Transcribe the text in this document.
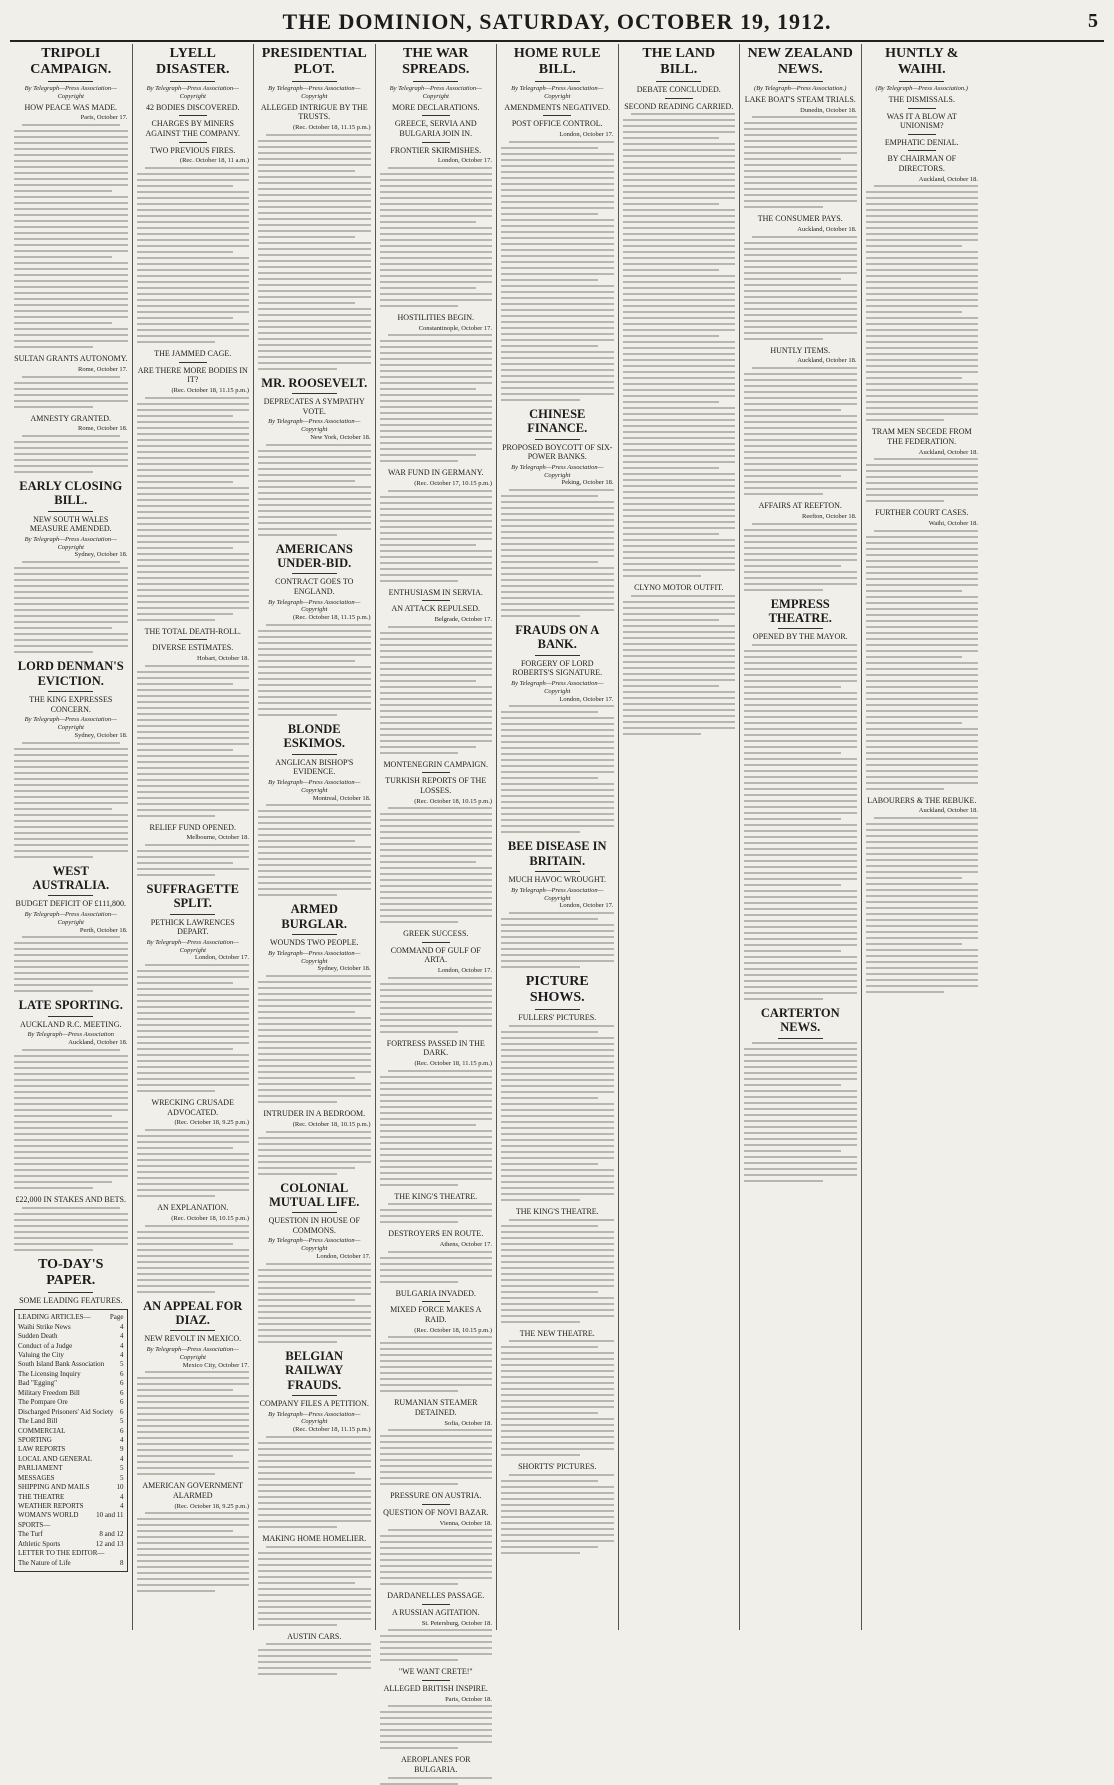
THE DOMINION, SATURDAY, OCTOBER 19, 1912.	5
TRIPOLI CAMPAIGN.
By Telegraph—Press Association—Copyright
HOW PEACE WAS MADE.
Paris, October 17.
SULTAN GRANTS AUTONOMY.
Rome, October 17.
AMNESTY GRANTED.
Rome, October 18.
EARLY CLOSING BILL.
NEW SOUTH WALES MEASURE AMENDED.
By Telegraph—Press Association—Copyright
Sydney, October 18.
LORD DENMAN'S EVICTION.
THE KING EXPRESSES CONCERN.
By Telegraph—Press Association—Copyright
Sydney, October 18.
WEST AUSTRALIA.
BUDGET DEFICIT OF £111,800.
By Telegraph—Press Association—Copyright
Perth, October 18.
LATE SPORTING.
AUCKLAND R.C. MEETING.
By Telegraph—Press Association
Auckland, October 18.
£22,000 IN STAKES AND BETS.
TO-DAY'S PAPER.
SOME LEADING FEATURES.
LEADING ARTICLES—	Page
Waihi Strike News	4
Sudden Death	4
Conduct of a Judge	4
Valuing the City	4
South Island Bank Association 5
The Licensing Inquiry	6
Bad "Egging"	6
Military Freedom Bill	6
The Pompare Ore	6
Discharged Prisoners' Aid Society 6
The Land Bill	5
COMMERCIAL	6
SPORTING	4
LAW REPORTS	9
LOCAL AND GENERAL	4
PARLIAMENT	5
MESSAGES	5
SHIPPING AND MAILS	10
THE THEATRE	4
WEATHER REPORTS	4
WOMAN'S WORLD	10 and 11
SPORTS—
The Turf	8 and 12
Athletic Sports	12 and 13
LETTER TO THE EDITOR—
The Nature of Life	8
LYELL DISASTER.
By Telegraph—Press Association—Copyright
42 BODIES DISCOVERED.
CHARGES BY MINERS AGAINST THE COMPANY.
TWO PREVIOUS FIRES.
(Rec. October 18, 11 a.m.)
THE JAMMED CAGE.
ARE THERE MORE BODIES IN IT?
(Rec. October 18, 11.15 p.m.)
THE TOTAL DEATH-ROLL.
DIVERSE ESTIMATES.
Hobart, October 18.
RELIEF FUND OPENED.
Melbourne, October 18.
SUFFRAGETTE SPLIT.
PETHICK LAWRENCES DEPART.
By Telegraph—Press Association—Copyright
London, October 17.
WRECKING CRUSADE ADVOCATED.
(Rec. October 18, 9.25 p.m.)
AN EXPLANATION.
(Rec. October 18, 10.15 p.m.)
AN APPEAL FOR DIAZ.
NEW REVOLT IN MEXICO.
By Telegraph—Press Association—Copyright
Mexico City, October 17.
AMERICAN GOVERNMENT ALARMED
(Rec. October 18, 9.25 p.m.)
PRESIDENTIAL PLOT.
By Telegraph—Press Association—Copyright
ALLEGED INTRIGUE BY THE TRUSTS.
(Rec. October 18, 11.15 p.m.)
MR. ROOSEVELT.
DEPRECATES A SYMPATHY VOTE.
By Telegraph—Press Association—Copyright
New York, October 18.
AMERICANS UNDER-BID.
CONTRACT GOES TO ENGLAND.
By Telegraph—Press Association—Copyright
(Rec. October 18, 11.15 p.m.)
BLONDE ESKIMOS.
ANGLICAN BISHOP'S EVIDENCE.
By Telegraph—Press Association—Copyright
Montreal, October 18.
ARMED BURGLAR.
WOUNDS TWO PEOPLE.
By Telegraph—Press Association—Copyright
Sydney, October 18.
INTRUDER IN A BEDROOM.
(Rec. October 18, 10.15 p.m.)
COLONIAL MUTUAL LIFE.
QUESTION IN HOUSE OF COMMONS.
By Telegraph—Press Association—Copyright
London, October 17.
BELGIAN RAILWAY FRAUDS.
COMPANY FILES A PETITION.
By Telegraph—Press Association—Copyright
(Rec. October 18, 11.15 p.m.)
MAKING HOME HOMELIER.
AUSTIN CARS.
THE WAR SPREADS.
By Telegraph—Press Association—Copyright
MORE DECLARATIONS.
GREECE, SERVIA AND BULGARIA JOIN IN.
FRONTIER SKIRMISHES.
London, October 17.
HOSTILITIES BEGIN.
Constantinople, October 17.
WAR FUND IN GERMANY.
(Rec. October 17, 10.15 p.m.)
ENTHUSIASM IN SERVIA.
AN ATTACK REPULSED.
Belgrade, October 17.
MONTENEGRIN CAMPAIGN.
TURKISH REPORTS OF THE LOSSES.
(Rec. October 18, 10.15 p.m.)
GREEK SUCCESS.
COMMAND OF GULF OF ARTA.
London, October 17.
FORTRESS PASSED IN THE DARK.
(Rec. October 18, 11.15 p.m.)
THE KING'S THEATRE.
DESTROYERS EN ROUTE.
Athens, October 17.
BULGARIA INVADED.
MIXED FORCE MAKES A RAID.
(Rec. October 18, 10.15 p.m.)
RUMANIAN STEAMER DETAINED.
Sofia, October 18.
PRESSURE ON AUSTRIA.
QUESTION OF NOVI BAZAR.
Vienna, October 18.
DARDANELLES PASSAGE.
A RUSSIAN AGITATION.
St. Petersburg, October 18.
"WE WANT CRETE!"
ALLEGED BRITISH INSPIRE.
Paris, October 18.
AEROPLANES FOR BULGARIA.
HOME RULE BILL.
By Telegraph—Press Association—Copyright
AMENDMENTS NEGATIVED.
POST OFFICE CONTROL.
London, October 17.
CHINESE FINANCE.
PROPOSED BOYCOTT OF SIX-POWER BANKS.
By Telegraph—Press Association—Copyright
Peking, October 18.
FRAUDS ON A BANK.
FORGERY OF LORD ROBERTS'S SIGNATURE.
By Telegraph—Press Association—Copyright
London, October 17.
BEE DISEASE IN BRITAIN.
MUCH HAVOC WROUGHT.
By Telegraph—Press Association—Copyright
London, October 17.
PICTURE SHOWS.
FULLERS' PICTURES.
THE KING'S THEATRE.
THE NEW THEATRE.
SHORTTS' PICTURES.
THE LAND BILL.
DEBATE CONCLUDED.
SECOND READING CARRIED.
CLYNO MOTOR OUTFIT.
NEW ZEALAND NEWS.
(By Telegraph—Press Association.)
LAKE BOAT'S STEAM TRIALS.
Dunedin, October 18.
THE CONSUMER PAYS.
Auckland, October 18.
HUNTLY ITEMS.
Auckland, October 18.
AFFAIRS AT REEFTON.
Reefton, October 18.
EMPRESS THEATRE.
OPENED BY THE MAYOR.
CARTERTON NEWS.
HUNTLY & WAIHI.
(By Telegraph—Press Association.)
THE DISMISSALS.
WAS IT A BLOW AT UNIONISM?
EMPHATIC DENIAL.
BY CHAIRMAN OF DIRECTORS.
Auckland, October 18.
TRAM MEN SECEDE FROM THE FEDERATION.
Auckland, October 18.
FURTHER COURT CASES.
Waihi, October 18.
LABOURERS & THE REBUKE.
Auckland, October 18.
